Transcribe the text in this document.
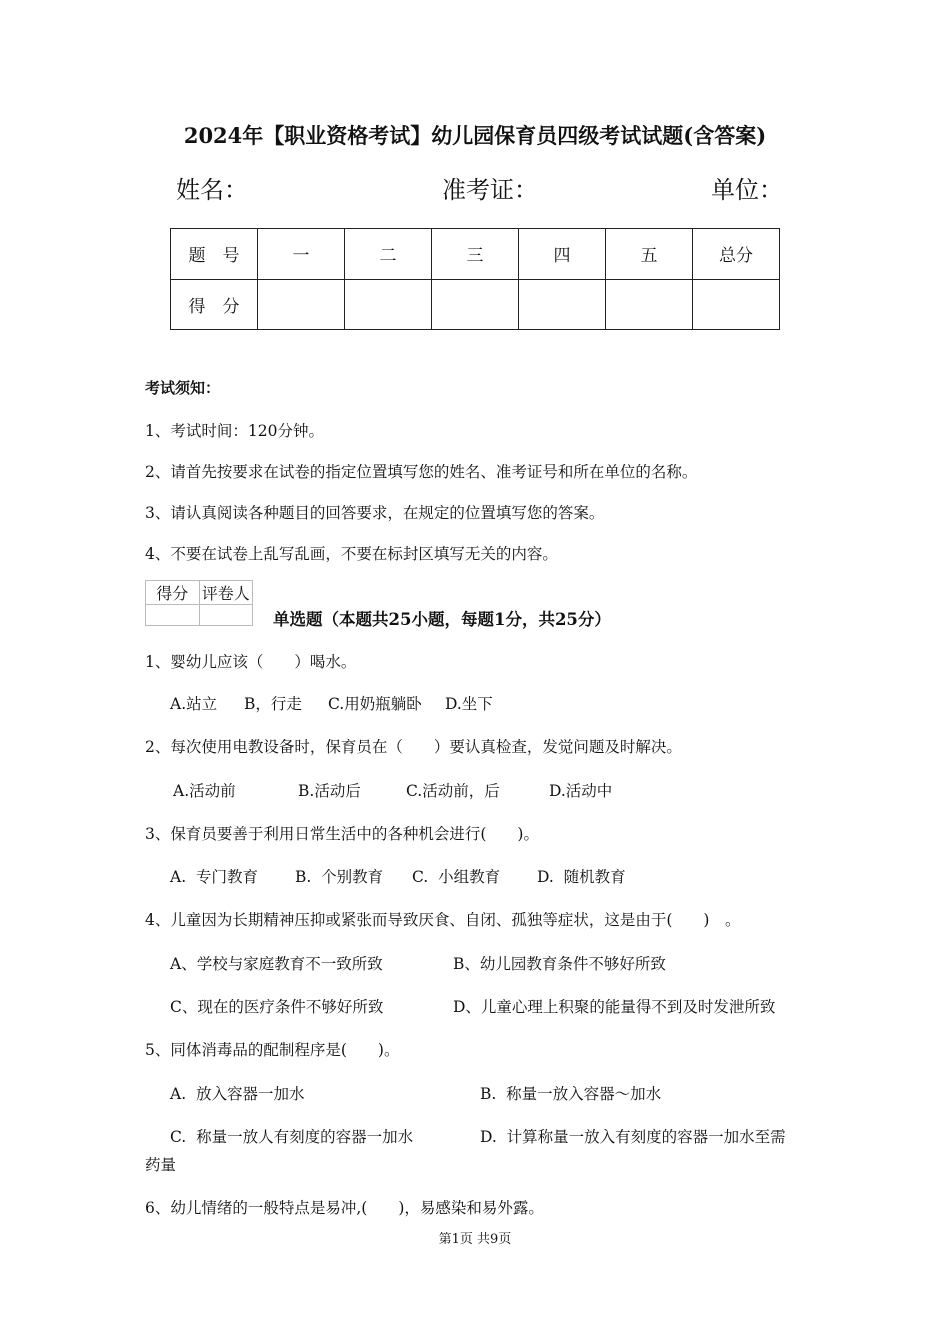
2024年【职业资格考试】幼儿园保育员四级考试试题(含答案)
姓名：	准考证：	单位：
题　号	一	二	三	四	五	总分
得　分						
考试须知：
1、考试时间：120分钟。
2、请首先按要求在试卷的指定位置填写您的姓名、准考证号和所在单位的名称。
3、请认真阅读各种题目的回答要求，在规定的位置填写您的答案。
4、不要在试卷上乱写乱画，不要在标封区填写无关的内容。
得分	评卷人

单选题（本题共25小题，每题1分，共25分）
1、婴幼儿应该（　　）喝水。
A.站立 B，行走 C.用奶瓶躺卧 D.坐下
2、每次使用电教设备时，保育员在（　　）要认真检查，发觉问题及时解决。
A.活动前	B.活动后	C.活动前，后	D.活动中
3、保育员要善于利用日常生活中的各种机会进行(　　)。
A.  专门教育 B.  个别教育 C.  小组教育 D.  随机教育
4、儿童因为长期精神压抑或紧张而导致厌食、自闭、孤独等症状，这是由于(　　)　。
A、学校与家庭教育不一致所致	B、幼儿园教育条件不够好所致
C、现在的医疗条件不够好所致	D、儿童心理上积聚的能量得不到及时发泄所致
5、同体消毒品的配制程序是(　　)。
A.  放入容器一加水	B.  称量一放入容器～加水
C.  称量一放人有刻度的容器一加水	D.  计算称量一放入有刻度的容器一加水至需
药量
6、幼儿情绪的一般特点是易冲,(　　)，易感染和易外露。
第1页 共9页
